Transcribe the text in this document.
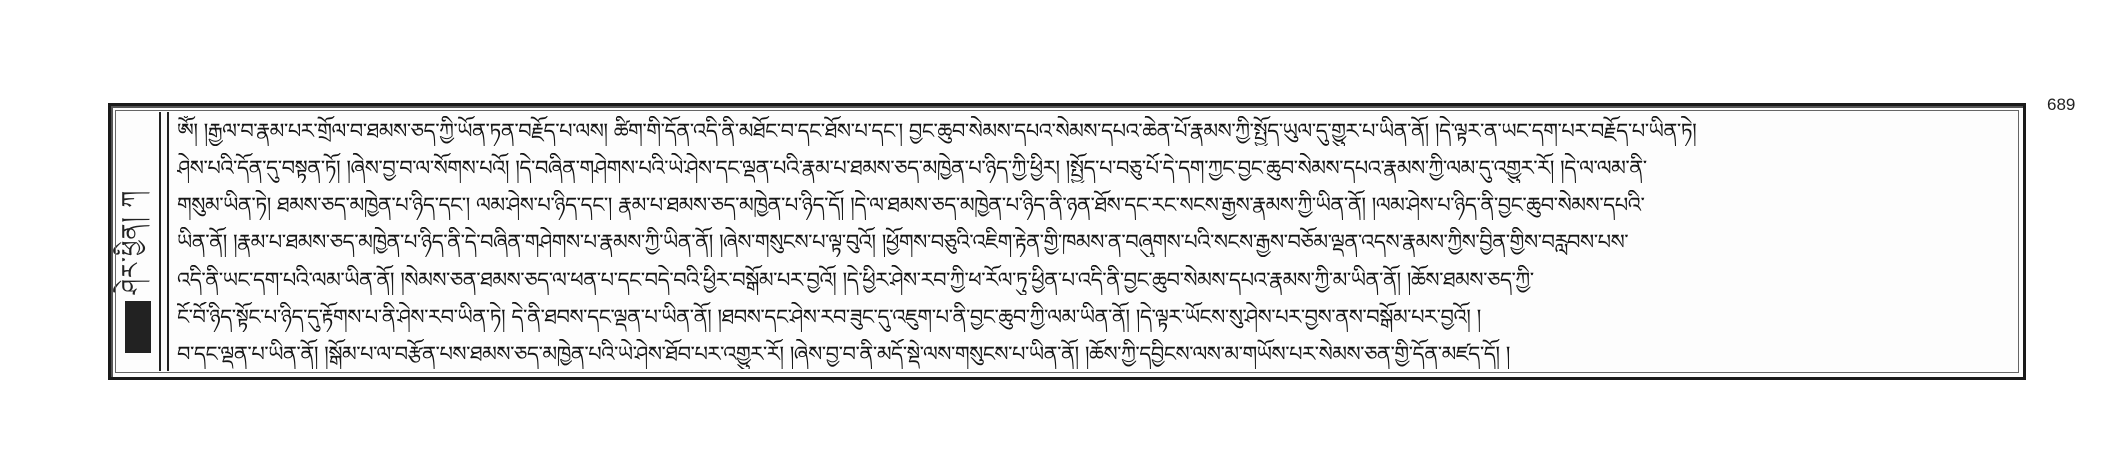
689
ཤེར་ཕྱིན། ཀ
ཨོཾ། །རྒྱལ་བ་རྣམ་པར་གྲོལ་བ་ཐམས་ཅད་ཀྱི་ཡོན་ཏན་བརྗོད་པ་ལས། ཚིག་གི་དོན་འདི་ནི་མཐོང་བ་དང་ཐོས་པ་དང་། བྱང་ཆུབ་སེམས་དཔའ་སེམས་དཔའ་ཆེན་པོ་རྣམས་ཀྱི་སྤྱོད་ཡུལ་དུ་གྱུར་པ་ཡིན་ནོ། །དེ་ལྟར་ན་ཡང་དག་པར་བརྗོད་པ་ཡིན་ཏེ།
ཤེས་པའི་དོན་དུ་བསྟན་ཏོ། །ཞེས་བྱ་བ་ལ་སོགས་པའོ། །དེ་བཞིན་གཤེགས་པའི་ཡེ་ཤེས་དང་ལྡན་པའི་རྣམ་པ་ཐམས་ཅད་མཁྱེན་པ་ཉིད་ཀྱི་ཕྱིར། །སྤྱོད་པ་བཅུ་པོ་དེ་དག་ཀྱང་བྱང་ཆུབ་སེམས་དཔའ་རྣམས་ཀྱི་ལམ་དུ་འགྱུར་རོ། །དེ་ལ་ལམ་ནི་
གསུམ་ཡིན་ཏེ། ཐམས་ཅད་མཁྱེན་པ་ཉིད་དང་། ལམ་ཤེས་པ་ཉིད་དང་། རྣམ་པ་ཐམས་ཅད་མཁྱེན་པ་ཉིད་དོ། །དེ་ལ་ཐམས་ཅད་མཁྱེན་པ་ཉིད་ནི་ཉན་ཐོས་དང་རང་སངས་རྒྱས་རྣམས་ཀྱི་ཡིན་ནོ། །ལམ་ཤེས་པ་ཉིད་ནི་བྱང་ཆུབ་སེམས་དཔའི་
ཡིན་ནོ། །རྣམ་པ་ཐམས་ཅད་མཁྱེན་པ་ཉིད་ནི་དེ་བཞིན་གཤེགས་པ་རྣམས་ཀྱི་ཡིན་ནོ། །ཞེས་གསུངས་པ་ལྟ་བུའོ། །ཕྱོགས་བཅུའི་འཇིག་རྟེན་གྱི་ཁམས་ན་བཞུགས་པའི་སངས་རྒྱས་བཅོམ་ལྡན་འདས་རྣམས་ཀྱིས་བྱིན་གྱིས་བརླབས་པས་
འདི་ནི་ཡང་དག་པའི་ལམ་ཡིན་ནོ། །སེམས་ཅན་ཐམས་ཅད་ལ་ཕན་པ་དང་བདེ་བའི་ཕྱིར་བསྒོམ་པར་བྱའོ། །དེ་ཕྱིར་ཤེས་རབ་ཀྱི་ཕ་རོལ་ཏུ་ཕྱིན་པ་འདི་ནི་བྱང་ཆུབ་སེམས་དཔའ་རྣམས་ཀྱི་མ་ཡིན་ནོ། །ཆོས་ཐམས་ཅད་ཀྱི་
ངོ་བོ་ཉིད་སྟོང་པ་ཉིད་དུ་རྟོགས་པ་ནི་ཤེས་རབ་ཡིན་ཏེ། དེ་ནི་ཐབས་དང་ལྡན་པ་ཡིན་ནོ། །ཐབས་དང་ཤེས་རབ་ཟུང་དུ་འཇུག་པ་ནི་བྱང་ཆུབ་ཀྱི་ལམ་ཡིན་ནོ། །དེ་ལྟར་ཡོངས་སུ་ཤེས་པར་བྱས་ནས་བསྒོམ་པར་བྱའོ། །
བ་དང་ལྡན་པ་ཡིན་ནོ། །སྒོམ་པ་ལ་བརྩོན་པས་ཐམས་ཅད་མཁྱེན་པའི་ཡེ་ཤེས་ཐོབ་པར་འགྱུར་རོ། །ཞེས་བྱ་བ་ནི་མདོ་སྡེ་ལས་གསུངས་པ་ཡིན་ནོ། །ཆོས་ཀྱི་དབྱིངས་ལས་མ་གཡོས་པར་སེམས་ཅན་གྱི་དོན་མཛད་དོ། །
